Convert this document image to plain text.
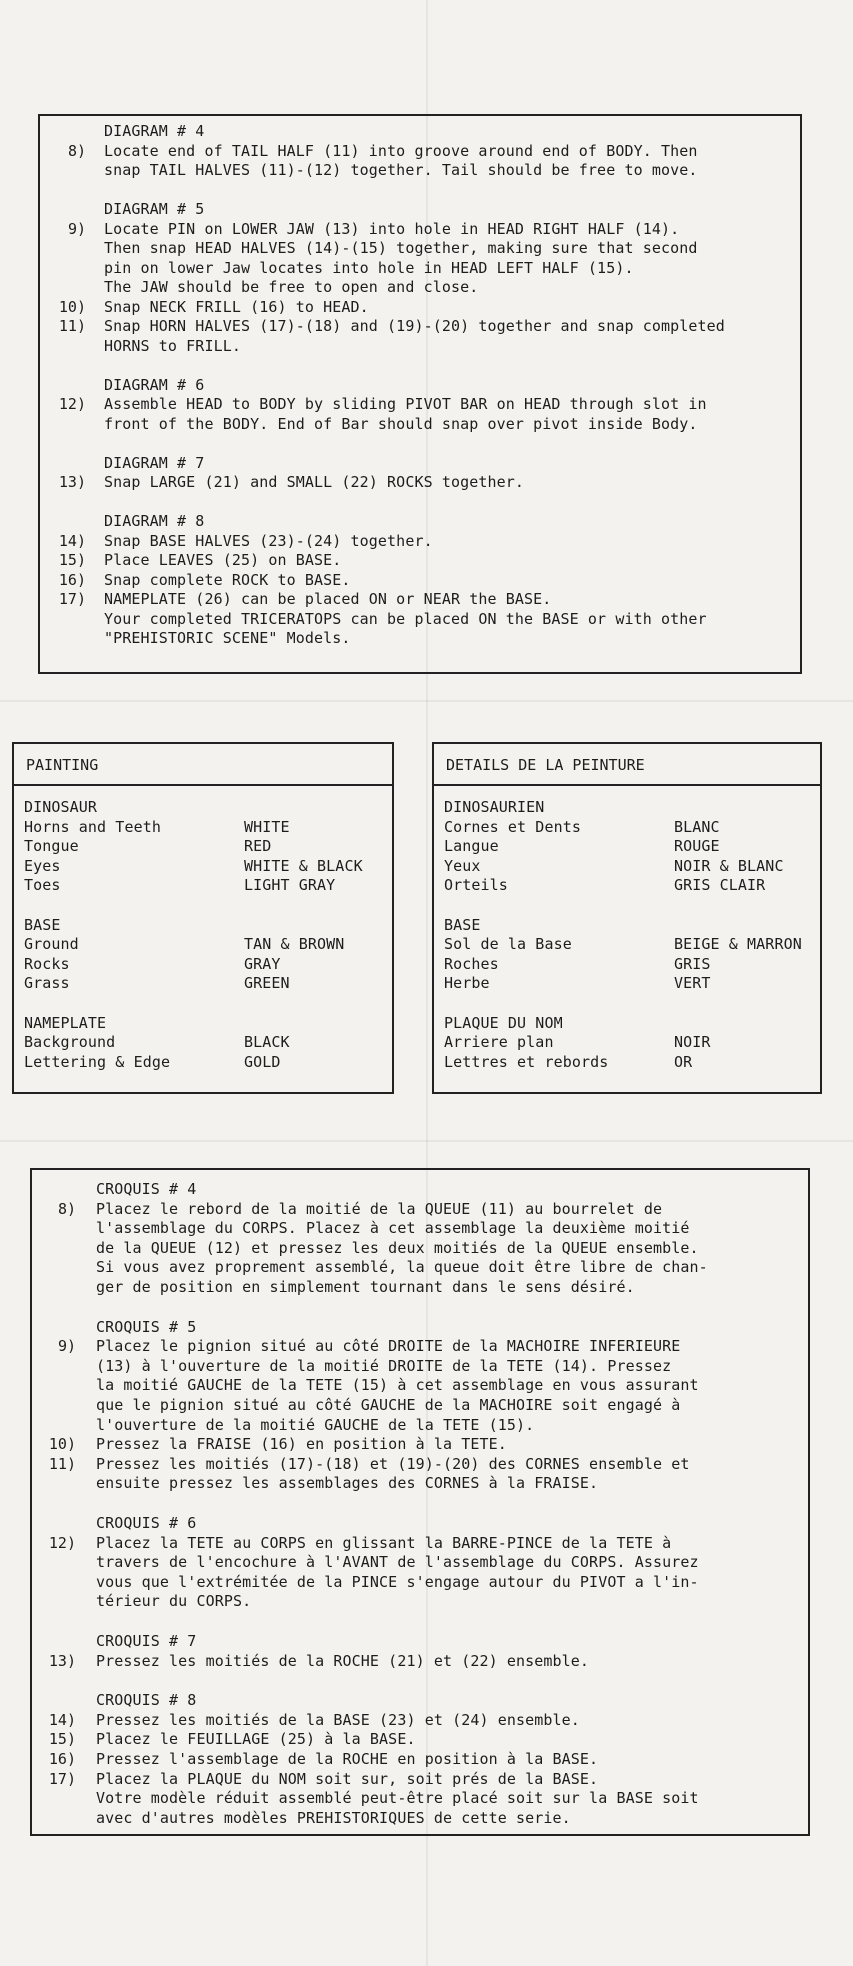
DIAGRAM # 4
8) Locate end of TAIL HALF (11) into groove around end of BODY. Then
snap TAIL HALVES (11)-(12) together. Tail should be free to move.
DIAGRAM # 5
9) Locate PIN on LOWER JAW (13) into hole in HEAD RIGHT HALF (14).
Then snap HEAD HALVES (14)-(15) together, making sure that second
pin on lower Jaw locates into hole in HEAD LEFT HALF (15).
The JAW should be free to open and close.
10) Snap NECK FRILL (16) to HEAD.
11) Snap HORN HALVES (17)-(18) and (19)-(20) together and snap completed
HORNS to FRILL.
DIAGRAM # 6
12) Assemble HEAD to BODY by sliding PIVOT BAR on HEAD through slot in
front of the BODY. End of Bar should snap over pivot inside Body.
DIAGRAM # 7
13) Snap LARGE (21) and SMALL (22) ROCKS together.
DIAGRAM # 8
14) Snap BASE HALVES (23)-(24) together.
15) Place LEAVES (25) on BASE.
16) Snap complete ROCK to BASE.
17) NAMEPLATE (26) can be placed ON or NEAR the BASE.
Your completed TRICERATOPS can be placed ON the BASE or with other
"PREHISTORIC SCENE" Models.
PAINTING
DINOSAUR
Horns and Teeth	WHITE
Tongue	RED
Eyes	WHITE & BLACK
Toes	LIGHT GRAY
BASE
Ground	TAN & BROWN
Rocks	GRAY
Grass	GREEN
NAMEPLATE
Background	BLACK
Lettering & Edge	GOLD
DETAILS DE LA PEINTURE
DINOSAURIEN
Cornes et Dents	BLANC
Langue	ROUGE
Yeux	NOIR & BLANC
Orteils	GRIS CLAIR
BASE
Sol de la Base	BEIGE & MARRON
Roches	GRIS
Herbe	VERT
PLAQUE DU NOM
Arriere plan	NOIR
Lettres et rebords	OR
CROQUIS # 4
8) Placez le rebord de la moitié de la QUEUE (11) au bourrelet de
l'assemblage du CORPS. Placez à cet assemblage la deuxième moitié
de la QUEUE (12) et pressez les deux moitiés de la QUEUE ensemble.
Si vous avez proprement assemblé, la queue doit être libre de chan-
ger de position en simplement tournant dans le sens désiré.
CROQUIS # 5
9) Placez le pignion situé au côté DROITE de la MACHOIRE INFERIEURE
(13) à l'ouverture de la moitié DROITE de la TETE (14). Pressez
la moitié GAUCHE de la TETE (15) à cet assemblage en vous assurant
que le pignion situé au côté GAUCHE de la MACHOIRE soit engagé à
l'ouverture de la moitié GAUCHE de la TETE (15).
10) Pressez la FRAISE (16) en position à la TETE.
11) Pressez les moitiés (17)-(18) et (19)-(20) des CORNES ensemble et
ensuite pressez les assemblages des CORNES à la FRAISE.
CROQUIS # 6
12) Placez la TETE au CORPS en glissant la BARRE-PINCE de la TETE à
travers de l'encochure à l'AVANT de l'assemblage du CORPS. Assurez
vous que l'extrémitée de la PINCE s'engage autour du PIVOT a l'in-
térieur du CORPS.
CROQUIS # 7
13) Pressez les moitiés de la ROCHE (21) et (22) ensemble.
CROQUIS # 8
14) Pressez les moitiés de la BASE (23) et (24) ensemble.
15) Placez le FEUILLAGE (25) à la BASE.
16) Pressez l'assemblage de la ROCHE en position à la BASE.
17) Placez la PLAQUE du NOM soit sur, soit prés de la BASE.
Votre modèle réduit assemblé peut-être placé soit sur la BASE soit
avec d'autres modèles PREHISTORIQUES de cette serie.
